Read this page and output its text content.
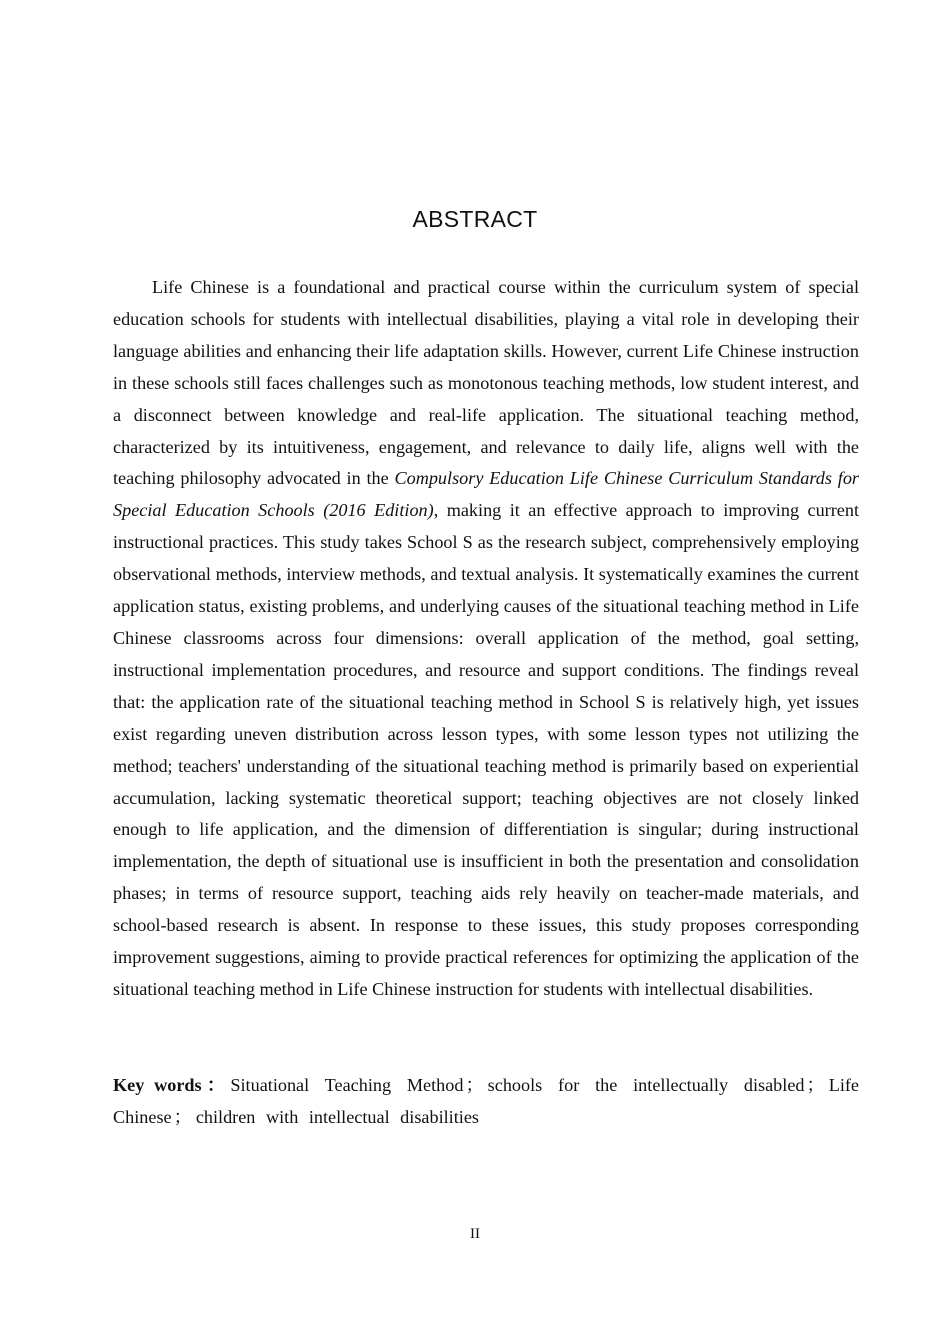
ABSTRACT

Life Chinese is a foundational and practical course within the curriculum system of special education schools for students with intellectual disabilities, playing a vital role in developing their language abilities and enhancing their life adaptation skills. However, current Life Chinese instruction in these schools still faces challenges such as monotonous teaching methods, low student interest, and a disconnect between knowledge and real-life application. The situational teaching method, characterized by its intuitiveness, engagement, and relevance to daily life, aligns well with the teaching philosophy advocated in the Compulsory Education Life Chinese Curriculum Standards for Special Education Schools (2016 Edition), making it an effective approach to improving current instructional practices. This study takes School S as the research subject, comprehensively employing observational methods, interview methods, and textual analysis. It systematically examines the current application status, existing problems, and underlying causes of the situational teaching method in Life Chinese classrooms across four dimensions: overall application of the method, goal setting, instructional implementation procedures, and resource and support conditions. The findings reveal that: the application rate of the situational teaching method in School S is relatively high, yet issues exist regarding uneven distribution across lesson types, with some lesson types not utilizing the method; teachers' understanding of the situational teaching method is primarily based on experiential accumulation, lacking systematic theoretical support; teaching objectives are not closely linked enough to life application, and the dimension of differentiation is singular; during instructional implementation, the depth of situational use is insufficient in both the presentation and consolidation phases; in terms of resource support, teaching aids rely heavily on teacher-made materials, and school-based research is absent. In response to these issues, this study proposes corresponding improvement suggestions, aiming to provide practical references for optimizing the application of the situational teaching method in Life Chinese instruction for students with intellectual disabilities.

Key words：Situational Teaching Method ； schools for the intellectually disabled ； Life Chinese ； children with intellectual disabilities

II
